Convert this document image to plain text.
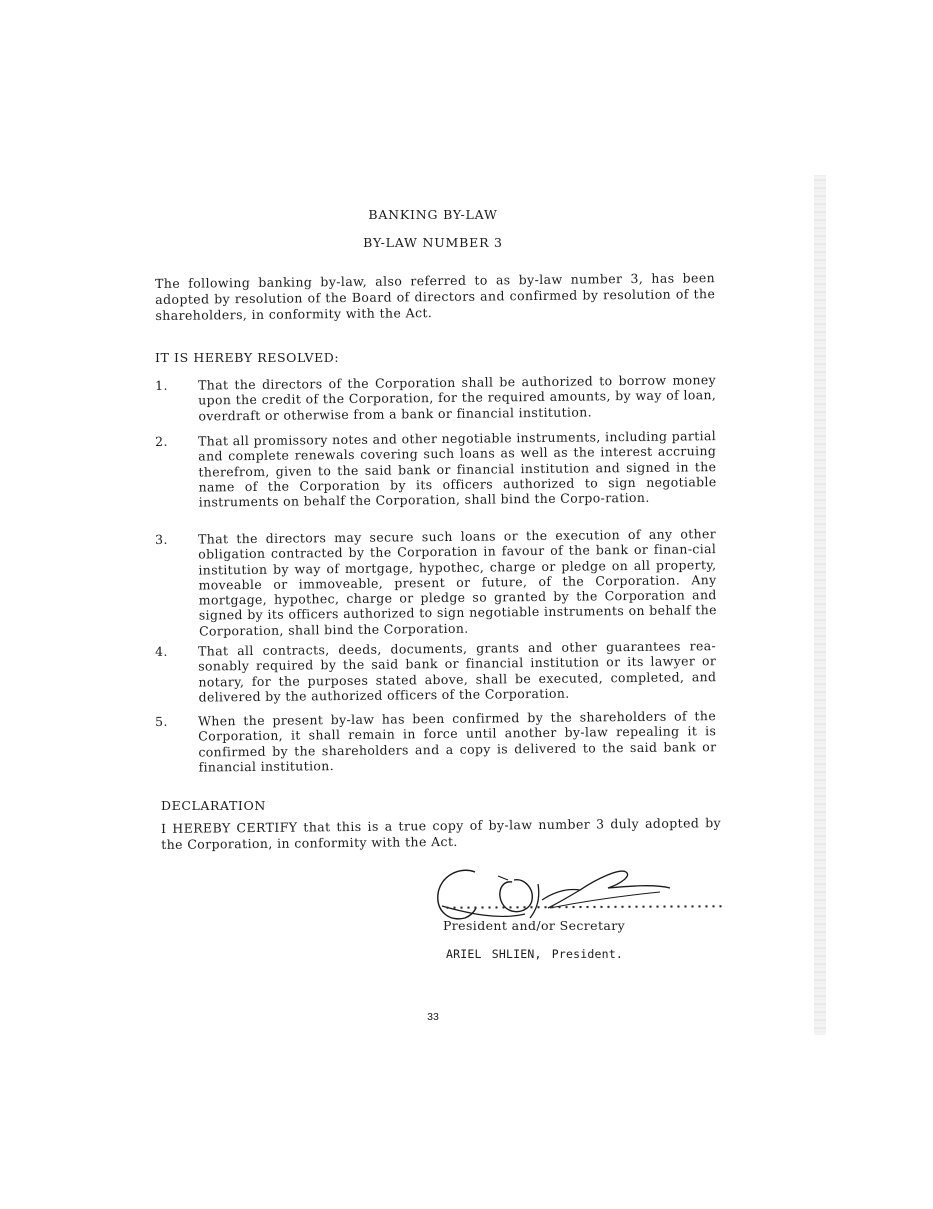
BANKING BY-LAW
BY-LAW NUMBER 3
The following banking by-law, also referred to as by-law number 3, has been adopted by resolution of the Board of directors and confirmed by resolution of the shareholders, in conformity with the Act.
IT IS HEREBY RESOLVED:
1. That the directors of the Corporation shall be authorized to borrow money upon the credit of the Corporation, for the required amounts, by way of loan, overdraft or otherwise from a bank or financial institution.
2. That all promissory notes and other negotiable instruments, including partial and complete renewals covering such loans as well as the interest accruing therefrom, given to the said bank or financial institution and signed in the name of the Corporation by its officers authorized to sign negotiable instruments on behalf the Corporation, shall bind the Corpo-ration.
3. That the directors may secure such loans or the execution of any other obligation contracted by the Corporation in favour of the bank or finan-cial institution by way of mortgage, hypothec, charge or pledge on all property, moveable or immoveable, present or future, of the Corporation. Any mortgage, hypothec, charge or pledge so granted by the Corporation and signed by its officers authorized to sign negotiable instruments on behalf the Corporation, shall bind the Corporation.
4. That all contracts, deeds, documents, grants and other guarantees rea-sonably required by the said bank or financial institution or its lawyer or notary, for the purposes stated above, shall be executed, completed, and delivered by the authorized officers of the Corporation.
5. When the present by-law has been confirmed by the shareholders of the Corporation, it shall remain in force until another by-law repealing it is confirmed by the shareholders and a copy is delivered to the said bank or financial institution.
DECLARATION
I HEREBY CERTIFY that this is a true copy of by-law number 3 duly adopted by the Corporation, in conformity with the Act.
President and/or Secretary
ARIEL SHLIEN, President.
33
